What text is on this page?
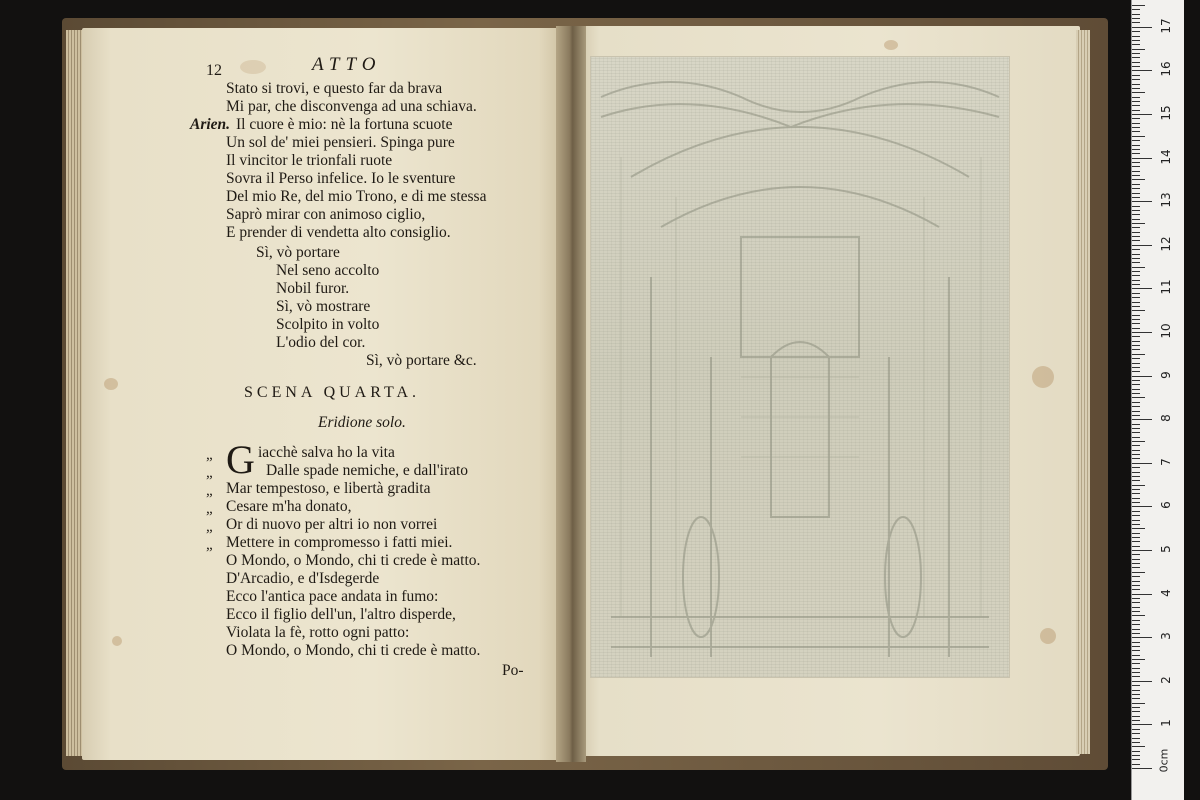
12	ATTO
Stato si trovi, e questo far da brava
Mi par, che disconvenga ad una schiava.
Arien. Il cuore è mio: nè la fortuna scuote
Un sol de' miei pensieri. Spinga pure
Il vincitor le trionfali ruote
Sovra il Perso infelice. Io le sventure
Del mio Re, del mio Trono, e di me stessa
Saprò mirar con animoso ciglio,
E prender di vendetta alto consiglio.
Sì, vò portare
Nel seno accolto
Nobil furor.
Sì, vò mostrare
Scolpito in volto
L'odio del cor.
Sì, vò portare &c.
SCENA QUARTA.
Eridione solo.
„
„
„
„
„
„
G iacchè salva ho la vita
Dalle spade nemiche, e dall'irato
Mar tempestoso, e libertà gradita
Cesare m'ha donato,
Or di nuovo per altri io non vorrei
Mettere in compromesso i fatti miei.
O Mondo, o Mondo, chi ti crede è matto.
D'Arcadio, e d'Isdegerde
Ecco l'antica pace andata in fumo:
Ecco il figlio dell'un, l'altro disperde,
Violata la fè, rotto ogni patto:
O Mondo, o Mondo, chi ti crede è matto.
Po-
0cm
1
2
3
4
5
6
7
8
9
10
11
12
13
14
15
16
17
